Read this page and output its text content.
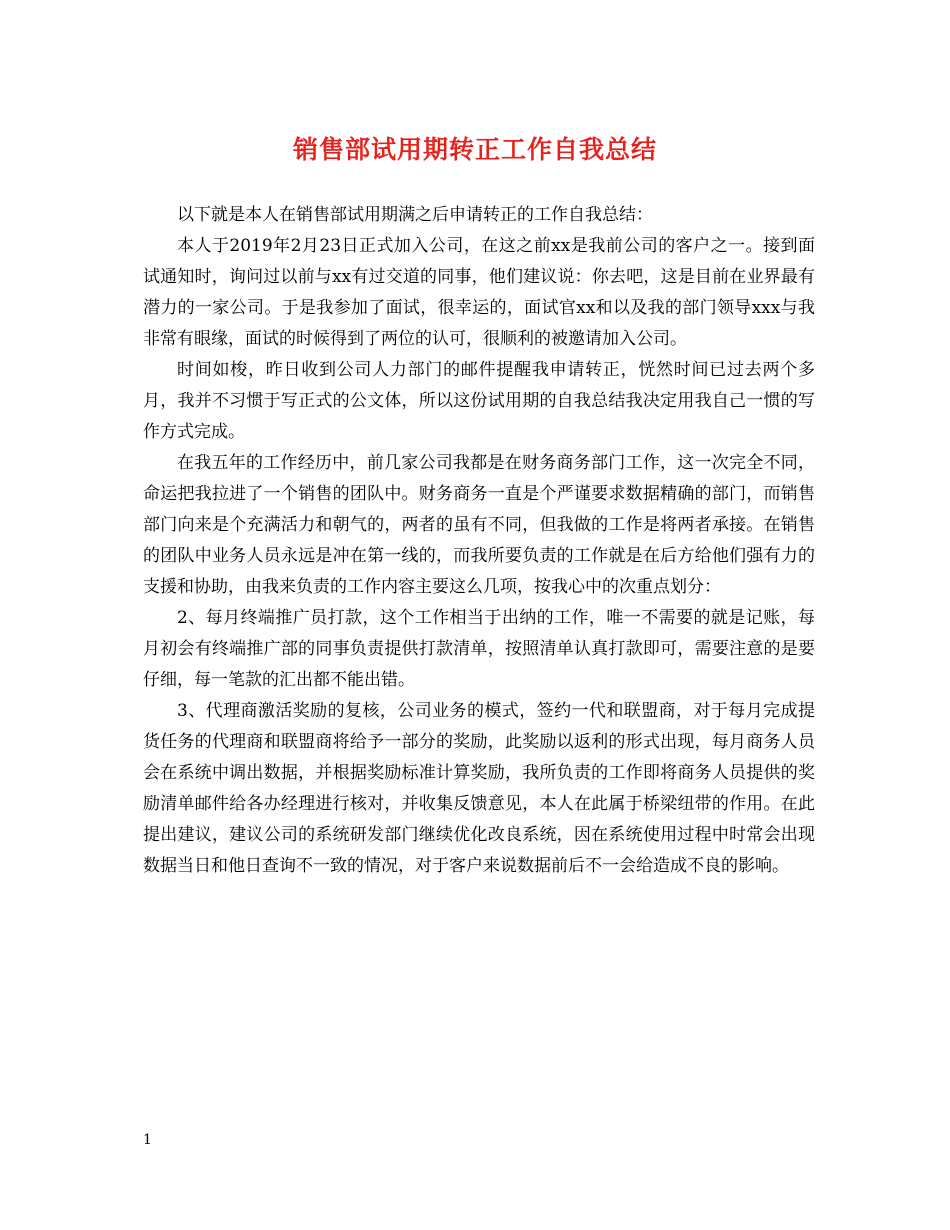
销售部试用期转正工作自我总结

以下就是本人在销售部试用期满之后申请转正的工作自我总结：

本人于2019年2月23日正式加入公司，在这之前xx是我前公司的客户之一。接到面试通知时，询问过以前与xx有过交道的同事，他们建议说：你去吧，这是目前在业界最有潜力的一家公司。于是我参加了面试，很幸运的，面试官xx和以及我的部门领导xxx与我非常有眼缘，面试的时候得到了两位的认可，很顺利的被邀请加入公司。

时间如梭，昨日收到公司人力部门的邮件提醒我申请转正，恍然时间已过去两个多月，我并不习惯于写正式的公文体，所以这份试用期的自我总结我决定用我自己一惯的写作方式完成。

在我五年的工作经历中，前几家公司我都是在财务商务部门工作，这一次完全不同，命运把我拉进了一个销售的团队中。财务商务一直是个严谨要求数据精确的部门，而销售部门向来是个充满活力和朝气的，两者的虽有不同，但我做的工作是将两者承接。在销售的团队中业务人员永远是冲在第一线的，而我所要负责的工作就是在后方给他们强有力的支援和协助，由我来负责的工作内容主要这么几项，按我心中的次重点划分：

2、每月终端推广员打款，这个工作相当于出纳的工作，唯一不需要的就是记账，每月初会有终端推广部的同事负责提供打款清单，按照清单认真打款即可，需要注意的是要仔细，每一笔款的汇出都不能出错。

3、代理商激活奖励的复核，公司业务的模式，签约一代和联盟商，对于每月完成提货任务的代理商和联盟商将给予一部分的奖励，此奖励以返利的形式出现，每月商务人员会在系统中调出数据，并根据奖励标准计算奖励，我所负责的工作即将商务人员提供的奖励清单邮件给各办经理进行核对，并收集反馈意见，本人在此属于桥梁纽带的作用。在此提出建议，建议公司的系统研发部门继续优化改良系统，因在系统使用过程中时常会出现数据当日和他日查询不一致的情况，对于客户来说数据前后不一会给造成不良的影响。

1
